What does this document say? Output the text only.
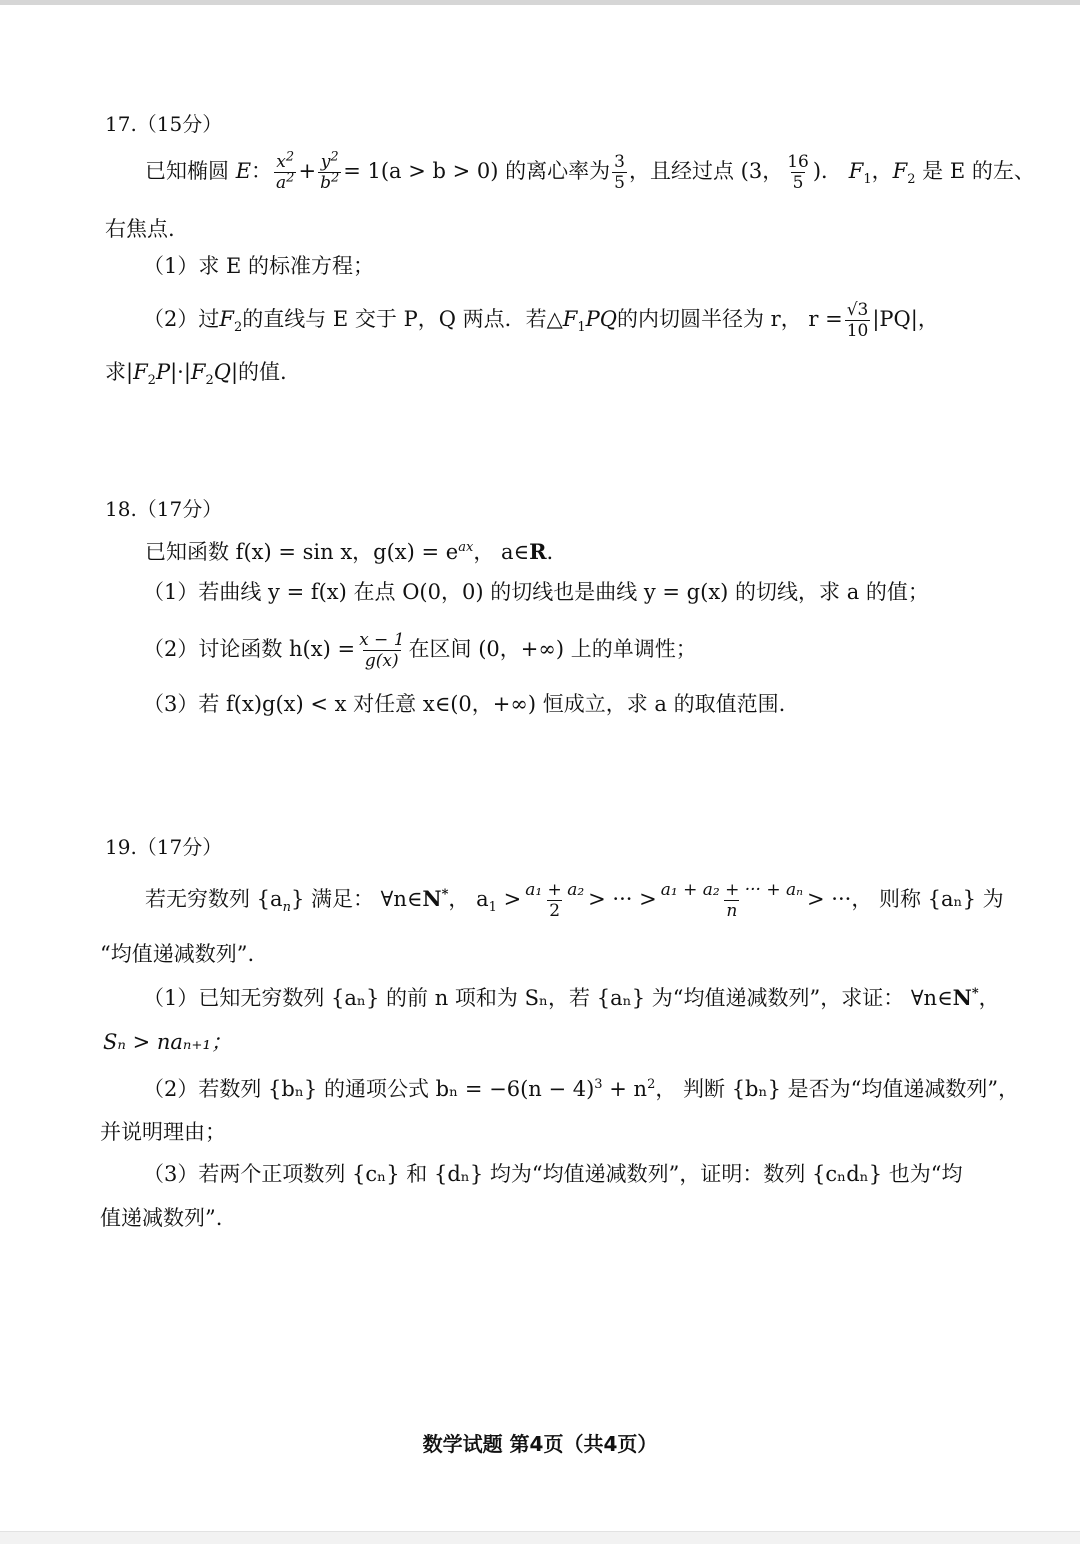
17.（15分）
已知椭圆 E： $\frac{x^2}{a^2} + \frac{y^2}{b^2} = 1(a > b > 0)$ 的离心率为 $\frac{3}{5}$ ，且经过点 (3， $\frac{16}{5}$ )． $F_1$，$F_2$ 是 E 的左、
右焦点.
（1）求 E 的标准方程；
（2）过$F_2$的直线与 E 交于 P，Q 两点．若$\triangle F_1PQ$的内切圆半径为 r， $r = \frac{√3}{10} |PQ|$，
求$|F_2P|\cdot|F_2Q|$的值.
18.（17分）
已知函数 f(x) = sin x，$g(x) = e^{ax}$， a∈R.
（1）若曲线 y = f(x) 在点 O(0，0) 的切线也是曲线 y = g(x) 的切线，求 a 的值；
（2）讨论函数 $h(x) = \frac{x - 1}{g(x)}$ 在区间 (0，+∞) 上的单调性；
（3）若 f(x)g(x) < x 对任意 x∈(0，+∞) 恒成立，求 a 的取值范围.
19.（17分）
若无穷数列 $\{a_n\}$ 满足： ∀n∈N*， $a_1 > \frac{\text{a₁ + a₂}}{2}$ > ··· > $\frac{\text{a₁ + a₂ + ··· + aₙ}}{n}$ > ···， 则称 {aₙ} 为
“均值递减数列”.
（1）已知无穷数列 {aₙ} 的前 n 项和为 Sₙ，若 {aₙ} 为“均值递减数列”，求证： ∀n∈N*，
Sₙ > naₙ₊₁；
（2）若数列 {bₙ} 的通项公式 $b_n = -6(n - 4)^3 + n^2$， 判断 {bₙ} 是否为“均值递减数列”，
并说明理由；
（3）若两个正项数列 {cₙ} 和 {dₙ} 均为“均值递减数列”，证明：数列 {cₙdₙ} 也为“均
值递减数列”.
数学试题 第4页（共4页）
